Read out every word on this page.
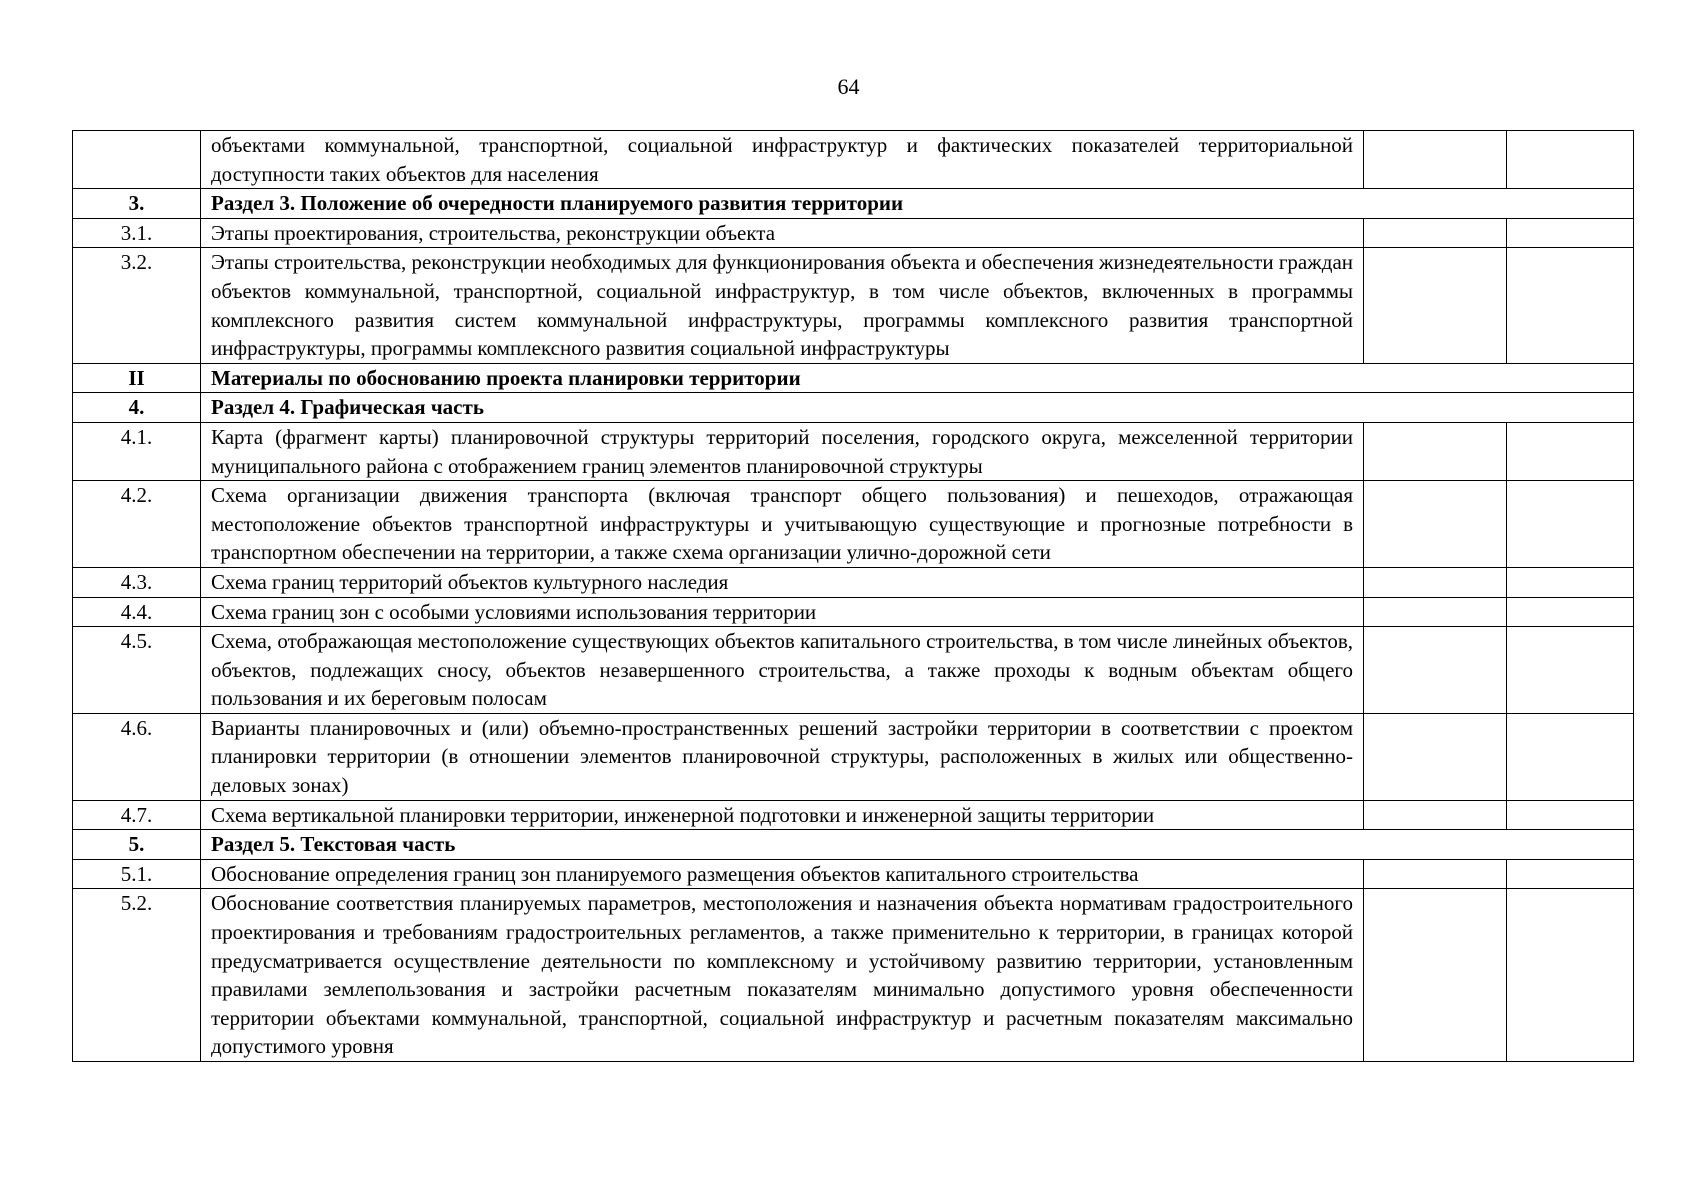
64
	объектами коммунальной, транспортной, социальной инфраструктур и фактических показателей территориальной доступности таких объектов для населения		
3.	Раздел 3. Положение об очередности планируемого развития территории		
3.1.	Этапы проектирования, строительства, реконструкции объекта		
3.2.	Этапы строительства, реконструкции необходимых для функционирования объекта и обеспечения жизнедеятельности граждан объектов коммунальной, транспортной, социальной инфраструктур, в том числе объектов, включенных в программы комплексного развития систем коммунальной инфраструктуры, программы комплексного развития транспортной инфраструктуры, программы комплексного развития социальной инфраструктуры		
II	Материалы по обоснованию проекта планировки территории		
4.	Раздел 4. Графическая часть		
4.1.	Карта (фрагмент карты) планировочной структуры территорий поселения, городского округа, межселенной территории муниципального района с отображением границ элементов планировочной структуры		
4.2.	Схема организации движения транспорта (включая транспорт общего пользования) и пешеходов, отражающая местоположение объектов транспортной инфраструктуры и учитывающую существующие и прогнозные потребности в транспортном обеспечении на территории, а также схема организации улично-дорожной сети		
4.3.	Схема границ территорий объектов культурного наследия		
4.4.	Схема границ зон с особыми условиями использования территории		
4.5.	Схема, отображающая местоположение существующих объектов капитального строительства, в том числе линейных объектов, объектов, подлежащих сносу, объектов незавершенного строительства, а также проходы к водным объектам общего пользования и их береговым полосам		
4.6.	Варианты планировочных и (или) объемно-пространственных решений застройки территории в соответствии с проектом планировки территории (в отношении элементов планировочной структуры, расположенных в жилых или общественно-деловых зонах)		
4.7.	Схема вертикальной планировки территории, инженерной подготовки и инженерной защиты территории		
5.	Раздел 5. Текстовая часть		
5.1.	Обоснование определения границ зон планируемого размещения объектов капитального строительства		
5.2.	Обоснование соответствия планируемых параметров, местоположения и назначения объекта нормативам градостроительного проектирования и требованиям градостроительных регламентов, а также применительно к территории, в границах которой предусматривается осуществление деятельности по комплексному и устойчивому развитию территории, установленным правилами землепользования и застройки расчетным показателям минимально допустимого уровня обеспеченности территории объектами коммунальной, транспортной, социальной инфраструктур и расчетным показателям максимально допустимого уровня		
